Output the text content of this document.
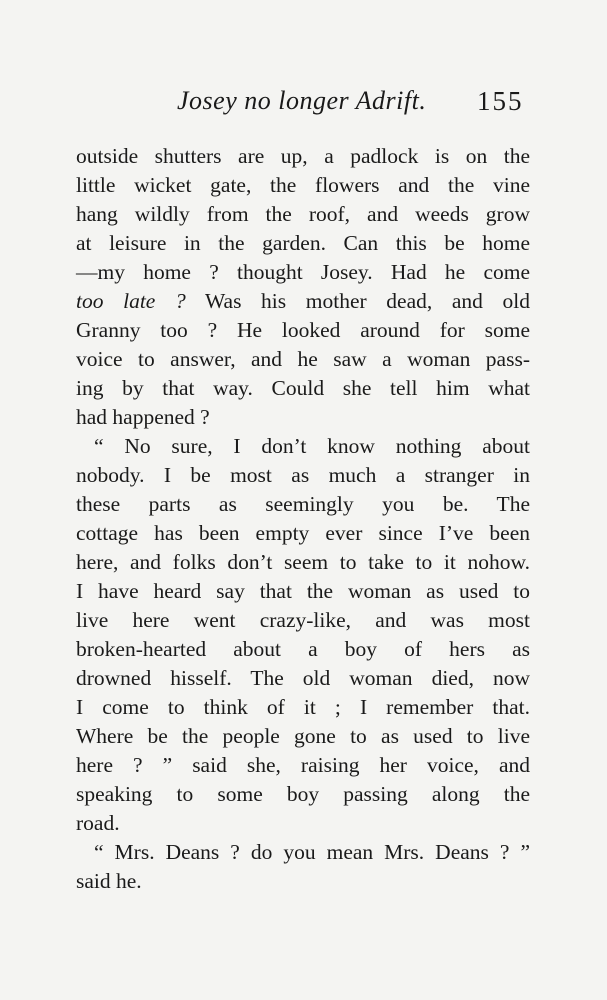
Josey no longer Adrift. 155
outside shutters are up, a padlock is on the
little wicket gate, the flowers and the vine
hang wildly from the roof, and weeds grow
at leisure in the garden. Can this be home
—my home ? thought Josey. Had he come
too late ? Was his mother dead, and old
Granny too ? He looked around for some
voice to answer, and he saw a woman pass-
ing by that way. Could she tell him what
had happened ?
“ No sure, I don’t know nothing about
nobody. I be most as much a stranger in
these parts as seemingly you be. The
cottage has been empty ever since I’ve been
here, and folks don’t seem to take to it nohow.
I have heard say that the woman as used to
live here went crazy-like, and was most
broken-hearted about a boy of hers as
drowned hisself. The old woman died, now
I come to think of it ; I remember that.
Where be the people gone to as used to live
here ? ” said she, raising her voice, and
speaking to some boy passing along the
road.
“ Mrs. Deans ? do you mean Mrs. Deans ? ”
said he.
